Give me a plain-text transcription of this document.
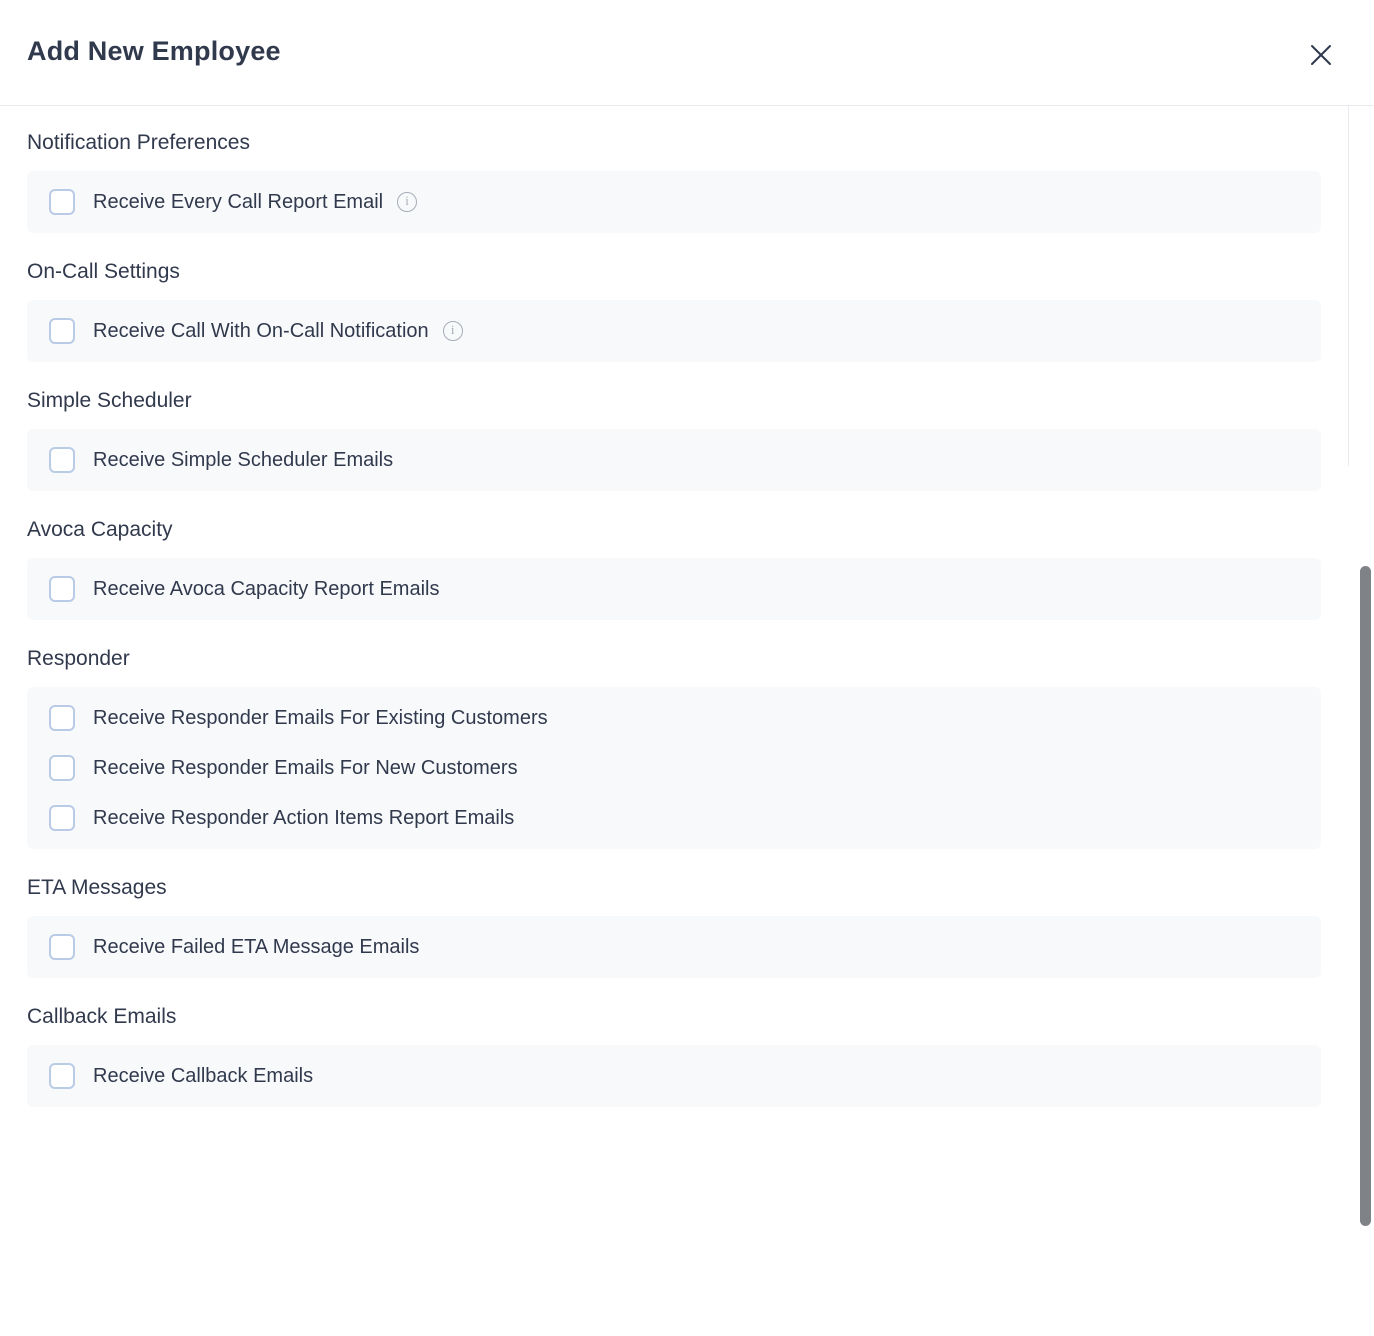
Add New Employee
Notification Preferences
Receive Every Call Report Email	i
On-Call Settings
Receive Call With On-Call Notification	i
Simple Scheduler
Receive Simple Scheduler Emails
Avoca Capacity
Receive Avoca Capacity Report Emails
Responder
Receive Responder Emails For Existing Customers
Receive Responder Emails For New Customers
Receive Responder Action Items Report Emails
ETA Messages
Receive Failed ETA Message Emails
Callback Emails
Receive Callback Emails
